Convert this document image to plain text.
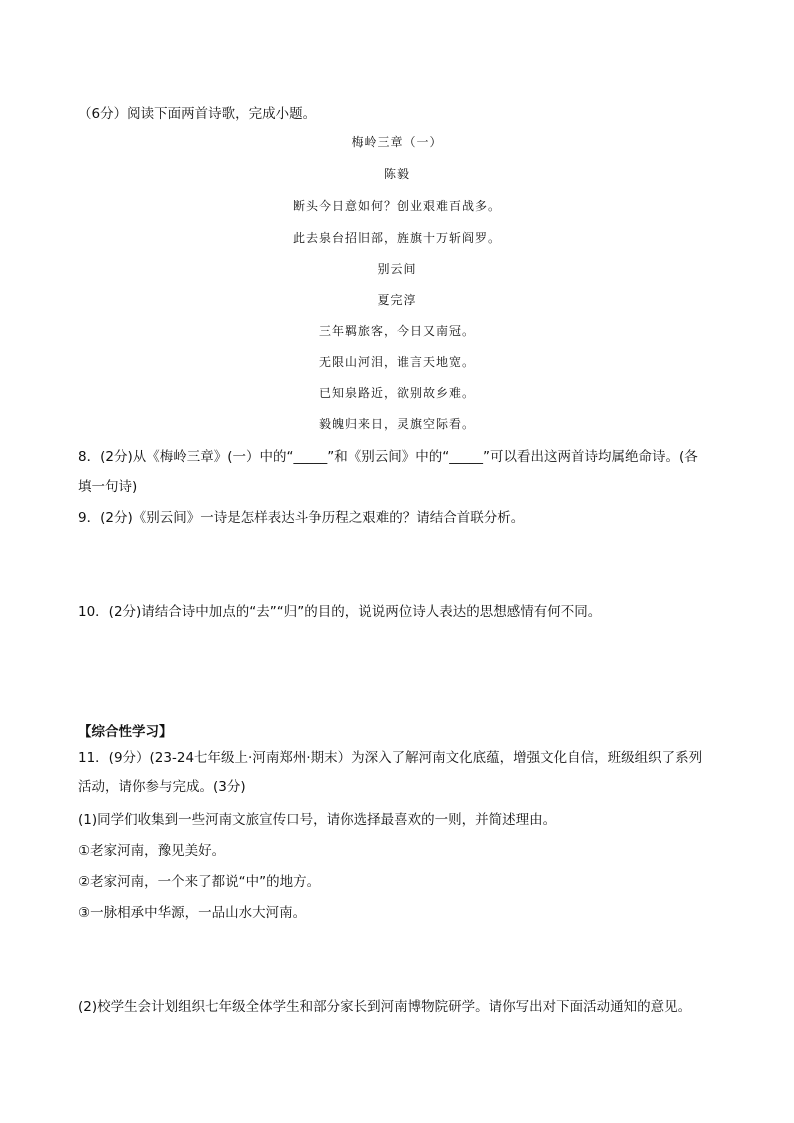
（6分）阅读下面两首诗歌，完成小题。
梅岭三章（一）
陈毅
断头今日意如何？创业艰难百战多。
此去泉台招旧部，旌旗十万斩阎罗。
别云间
夏完淳
三年羁旅客，今日又南冠。
无限山河泪，谁言天地宽。
已知泉路近，欲别故乡难。
毅魄归来日，灵旗空际看。
8．(2分)从《梅岭三章》(一）中的“_____”和《别云间》中的“_____”可以看出这两首诗均属绝命诗。(各
填一句诗)
9．(2分)《别云间》一诗是怎样表达斗争历程之艰难的？请结合首联分析。
10．(2分)请结合诗中加点的“去”“归”的目的，说说两位诗人表达的思想感情有何不同。
【综合性学习】
11．(9分）(23-24七年级上·河南郑州·期末）为深入了解河南文化底蕴，增强文化自信，班级组织了系列
活动，请你参与完成。(3分)
(1)同学们收集到一些河南文旅宣传口号，请你选择最喜欢的一则，并简述理由。
①老家河南，豫见美好。
②老家河南，一个来了都说“中”的地方。
③一脉相承中华源，一品山水大河南。
(2)校学生会计划组织七年级全体学生和部分家长到河南博物院研学。请你写出对下面活动通知的意见。
